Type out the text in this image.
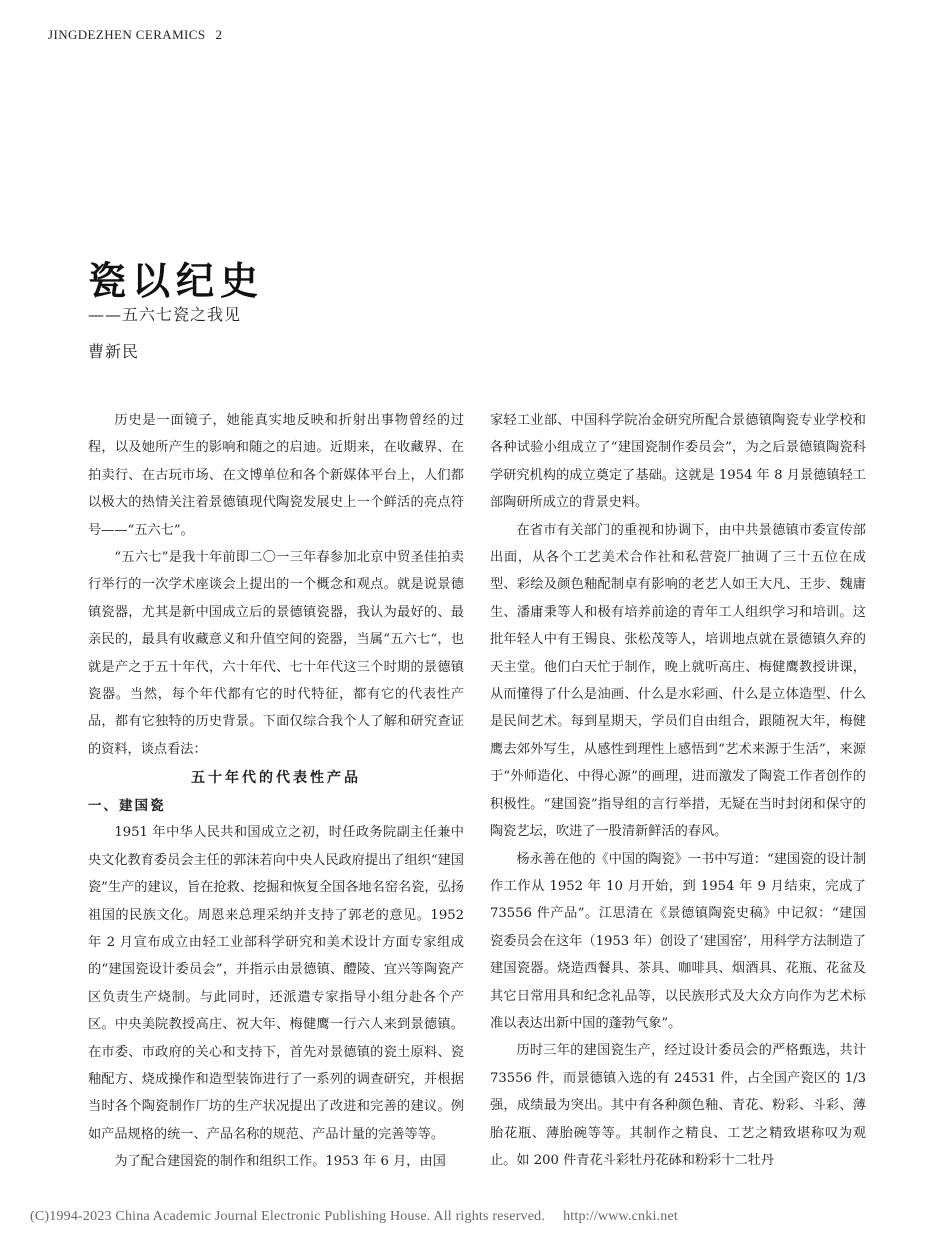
JINGDEZHEN CERAMICS 2
瓷以纪史
——五六七瓷之我见
曹新民

历史是一面镜子，她能真实地反映和折射出事物曾经的过程，以及她所产生的影响和随之的启迪。近期来，在收藏界、在拍卖行、在古玩市场、在文博单位和各个新媒体平台上，人们都以极大的热情关注着景德镇现代陶瓷发展史上一个鲜活的亮点符号——“五六七”。

“五六七”是我十年前即二〇一三年春参加北京中贸圣佳拍卖行举行的一次学术座谈会上提出的一个概念和观点。就是说景德镇瓷器，尤其是新中国成立后的景德镇瓷器，我认为最好的、最亲民的，最具有收藏意义和升值空间的瓷器，当属“五六七“，也就是产之于五十年代，六十年代、七十年代这三个时期的景德镇瓷器。当然，每个年代都有它的时代特征，都有它的代表性产品，都有它独特的历史背景。下面仅综合我个人了解和研究查证的资料，谈点看法：

五十年代的代表性产品
一、建国瓷

1951 年中华人民共和国成立之初，时任政务院副主任兼中央文化教育委员会主任的郭沫若向中央人民政府提出了组织“建国瓷”生产的建议，旨在抢救、挖掘和恢复全国各地名窑名瓷，弘扬祖国的民族文化。周恩来总理采纳并支持了郭老的意见。1952 年 2 月宣布成立由轻工业部科学研究和美术设计方面专家组成的“建国瓷设计委员会”，并指示由景德镇、醴陵、宜兴等陶瓷产区负责生产烧制。与此同时，还派遣专家指导小组分赴各个产区。中央美院教授高庄、祝大年、梅健鹰一行六人来到景德镇。在市委、市政府的关心和支持下，首先对景德镇的瓷土原料、瓷釉配方、烧成操作和造型装饰进行了一系列的调查研究，并根据当时各个陶瓷制作厂坊的生产状况提出了改进和完善的建议。例如产品规格的统一、产品名称的规范、产品计量的完善等等。

为了配合建国瓷的制作和组织工作。1953 年 6 月，由国

家轻工业部、中国科学院冶金研究所配合景德镇陶瓷专业学校和各种试验小组成立了“建国瓷制作委员会”，为之后景德镇陶瓷科学研究机构的成立奠定了基础。这就是 1954 年 8 月景德镇轻工部陶研所成立的背景史料。

在省市有关部门的重视和协调下，由中共景德镇市委宣传部出面，从各个工艺美术合作社和私营瓷厂抽调了三十五位在成型、彩绘及颜色釉配制卓有影响的老艺人如王大凡、王步、魏庸生、潘庸秉等人和极有培养前途的青年工人组织学习和培训。这批年轻人中有王锡良、张松茂等人，培训地点就在景德镇久弃的天主堂。他们白天忙于制作，晚上就听高庄、梅健鹰教授讲课，从而懂得了什么是油画、什么是水彩画、什么是立体造型、什么是民间艺术。每到星期天，学员们自由组合，跟随祝大年，梅健鹰去郊外写生，从感性到理性上感悟到“艺术来源于生活”，来源于“外师造化、中得心源”的画理，进而激发了陶瓷工作者创作的积极性。“建国瓷”指导组的言行举措，无疑在当时封闭和保守的陶瓷艺坛，吹进了一股清新鲜活的春风。

杨永善在他的《中国的陶瓷》一书中写道：“建国瓷的设计制作工作从 1952 年 10 月开始，到 1954 年 9 月结束，完成了 73556 件产品”。江思清在《景德镇陶瓷史稿》中记叙：“建国瓷委员会在这年（1953 年）创设了‘建国窑’，用科学方法制造了建国瓷器。烧造西餐具、茶具、咖啡具、烟酒具、花瓶、花盆及其它日常用具和纪念礼品等，以民族形式及大众方向作为艺术标准以表达出新中国的蓬勃气象”。

历时三年的建国瓷生产，经过设计委员会的严格甄选，共计 73556 件，而景德镇入选的有 24531 件，占全国产瓷区的 1/3 强，成绩最为突出。其中有各种颜色釉、青花、粉彩、斗彩、薄胎花瓶、薄胎碗等等。其制作之精良、工艺之精致堪称叹为观止。如 200 件青花斗彩牡丹花砵和粉彩十二牡丹

(C)1994-2023 China Academic Journal Electronic Publishing House. All rights reserved. http://www.cnki.net
